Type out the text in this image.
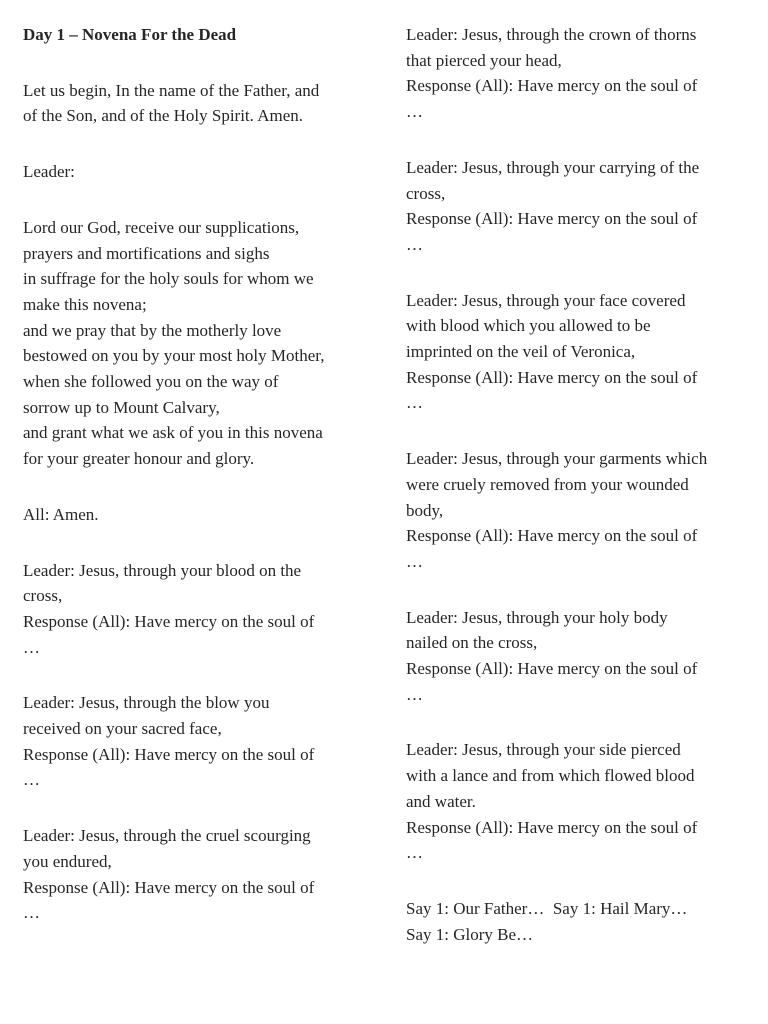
Day 1 – Novena For the Dead

Let us begin, In the name of the Father, and
of the Son, and of the Holy Spirit. Amen.

Leader:

Lord our God, receive our supplications,
prayers and mortifications and sighs
in suffrage for the holy souls for whom we
make this novena;
and we pray that by the motherly love
bestowed on you by your most holy Mother,
when she followed you on the way of
sorrow up to Mount Calvary,
and grant what we ask of you in this novena
for your greater honour and glory.

All: Amen.

Leader: Jesus, through your blood on the
cross,
Response (All): Have mercy on the soul of
…

Leader: Jesus, through the blow you
received on your sacred face,
Response (All): Have mercy on the soul of
…

Leader: Jesus, through the cruel scourging
you endured,
Response (All): Have mercy on the soul of
…

Leader: Jesus, through the crown of thorns
that pierced your head,
Response (All): Have mercy on the soul of
…

Leader: Jesus, through your carrying of the
cross,
Response (All): Have mercy on the soul of
…

Leader: Jesus, through your face covered
with blood which you allowed to be
imprinted on the veil of Veronica,
Response (All): Have mercy on the soul of
…

Leader: Jesus, through your garments which
were cruely removed from your wounded
body,
Response (All): Have mercy on the soul of
…

Leader: Jesus, through your holy body
nailed on the cross,
Response (All): Have mercy on the soul of
…

Leader: Jesus, through your side pierced
with a lance and from which flowed blood
and water.
Response (All): Have mercy on the soul of
…

Say 1: Our Father… Say 1: Hail Mary…
Say 1: Glory Be…
